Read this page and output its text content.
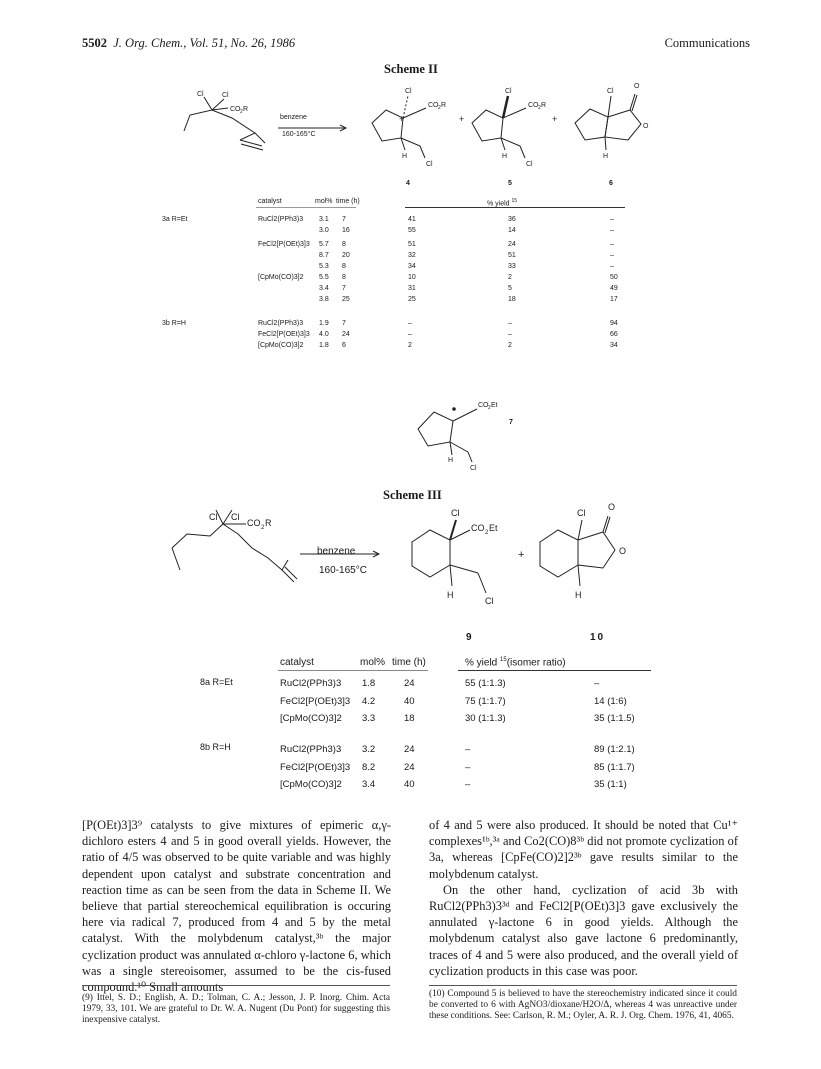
5502 J. Org. Chem., Vol. 51, No. 26, 1986	Communications
Scheme II
Cl	Cl
CO 2 R
Cl
CO 2 R
H
Cl
+
Cl
CO 2 R
H
Cl
+	+
Cl
O
O
H
CO 2 Et
H
Cl
benzene
160-165°C
4	5	6
7
catalyst	mol% time (h)	% yield $^{15}$
3a R=Et
3b R=H
RuCl2(PPh3)3 3.1 7	41	36	–
3.0 16	55	14	–
FeCl2[P(OEt)3]3 5.7 8	51	24	–
8.7 20	32	51	–
5.3 8	34	33	–
[CpMo(CO)3]2 5.5 8	10	2	50
3.4 7	31	5	49
3.8 25	25	18	17
RuCl2(PPh3)3 1.9 7	–	–	94
FeCl2[P(OEt)3]3 4.0 24	–	–	66
[CpMo(CO)3]2 1.8 6	2	2	34
Scheme III
Cl Cl
CO 2 R
Cl
CO 2 Et
H
Cl
+
Cl
O
O
H
benzene
160-165°C
9	10
catalyst	mol% time (h)	% yield $^{15}$(isomer ratio)
8a R=Et
8b R=H
RuCl2(PPh3)3 1.8	24	55 (1:1.3)	–
FeCl2[P(OEt)3]3 4.2	40	75 (1:1.7)	14 (1:6)
[CpMo(CO)3]2 3.3	18	30 (1:1.3)	35 (1:1.5)
RuCl2(PPh3)3 3.2	24	–	89 (1:2.1)
FeCl2[P(OEt)3]3 8.2	24	–	85 (1:1.7)
[CpMo(CO)3]2 3.4	40	–	35 (1:1)

[P(OEt)3]3⁹ catalysts to give mixtures of epimeric α,γ-dichloro esters 4 and 5 in good overall yields. However, the ratio of 4/5 was observed to be quite variable and was highly dependent upon catalyst and substrate concentration and reaction time as can be seen from the data in Scheme II. We believe that partial stereochemical equilibration is occuring here via radical 7, produced from 4 and 5 by the metal catalyst. With the molybdenum catalyst,³ᵇ the major cyclization product was annulated α-chloro γ-lactone 6, which was a single stereoisomer, assumed to be the cis-fused compound.¹⁰ Small amounts

of 4 and 5 were also produced. It should be noted that Cu¹⁺ complexes¹ᵇ,³ᵃ and Co2(CO)8³ᵇ did not promote cyclization of 3a, whereas [CpFe(CO)2]2³ᵇ gave results similar to the molybdenum catalyst.

On the other hand, cyclization of acid 3b with RuCl2(PPh3)3³ᵈ and FeCl2[P(OEt)3]3 gave exclusively the annulated γ-lactone 6 in good yields. Although the molybdenum catalyst also gave lactone 6 predominantly, traces of 4 and 5 were also produced, and the overall yield of cyclization products in this case was poor.

(9) Ittel, S. D.; English, A. D.; Tolman, C. A.; Jesson, J. P. Inorg. Chim. Acta 1979, 33, 101. We are grateful to Dr. W. A. Nugent (Du Pont) for suggesting this inexpensive catalyst.
(10) Compound 5 is believed to have the stereochemistry indicated since it could be converted to 6 with AgNO3/dioxane/H2O/Δ, whereas 4 was unreactive under these conditions. See: Carlson, R. M.; Oyler, A. R. J. Org. Chem. 1976, 41, 4065.
